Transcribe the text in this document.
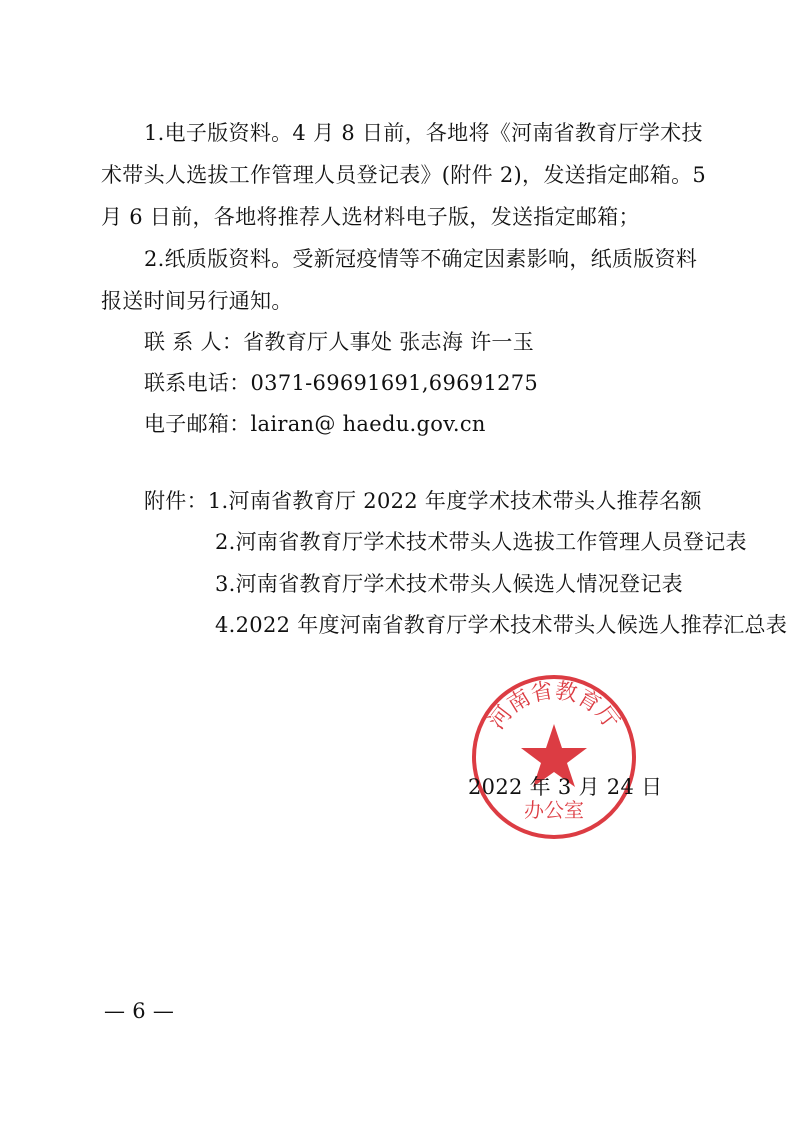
1.电子版资料。4 月 8 日前，各地将《河南省教育厅学术技
术带头人选拔工作管理人员登记表》(附件 2)，发送指定邮箱。5
月 6 日前，各地将推荐人选材料电子版，发送指定邮箱；
2.纸质版资料。受新冠疫情等不确定因素影响，纸质版资料
报送时间另行通知。
联 系 人：省教育厅人事处 张志海 许一玉
联系电话：0371-69691691,69691275
电子邮箱：lairan@ haedu.gov.cn
附件：1.河南省教育厅 2022 年度学术技术带头人推荐名额
2.河南省教育厅学术技术带头人选拔工作管理人员登记表
3.河南省教育厅学术技术带头人候选人情况登记表
4.2022 年度河南省教育厅学术技术带头人候选人推荐汇总表
河南省教育厅
办公室
2022 年 3 月 24 日
— 6 —
